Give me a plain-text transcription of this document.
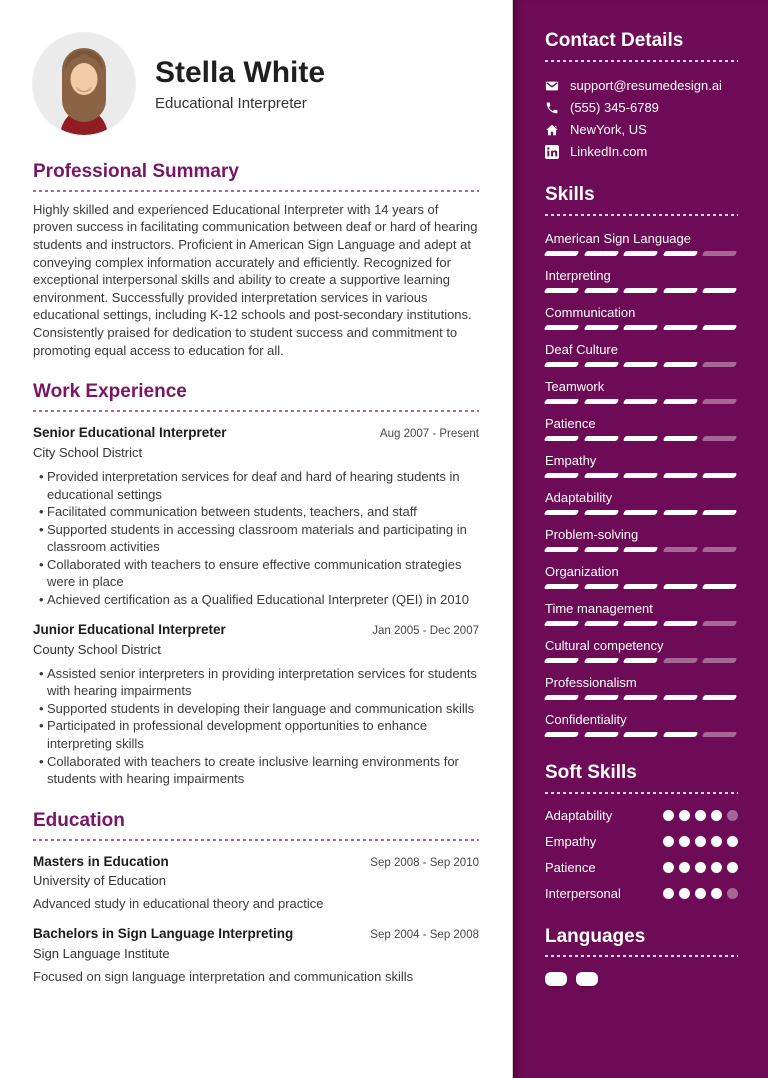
Stella White
Educational Interpreter
Professional Summary

Highly skilled and experienced Educational Interpreter with 14 years of proven success in facilitating communication between deaf or hard of hearing students and instructors. Proficient in American Sign Language and adept at conveying complex information accurately and efficiently. Recognized for exceptional interpersonal skills and ability to create a supportive learning environment. Successfully provided interpretation services in various educational settings, including K-12 schools and post-secondary institutions. Consistently praised for dedication to student success and commitment to promoting equal access to education for all.

Work Experience
Senior Educational Interpreter	Aug 2007 - Present
City School District
•
Provided interpretation services for deaf and hard of hearing students in educational settings
•
Facilitated communication between students, teachers, and staff
•
Supported students in accessing classroom materials and participating in classroom activities
•
Collaborated with teachers to ensure effective communication strategies were in place
•
Achieved certification as a Qualified Educational Interpreter (QEI) in 2010
Junior Educational Interpreter	Jan 2005 - Dec 2007
County School District
•
Assisted senior interpreters in providing interpretation services for students with hearing impairments
•
Supported students in developing their language and communication skills
•
Participated in professional development opportunities to enhance interpreting skills
•
Collaborated with teachers to create inclusive learning environments for students with hearing impairments
Education
Masters in Education	Sep 2008 - Sep 2010
University of Education
Advanced study in educational theory and practice
Bachelors in Sign Language Interpreting	Sep 2004 - Sep 2008
Sign Language Institute
Focused on sign language interpretation and communication skills
Contact Details
support@resumedesign.ai
(555) 345-6789
NewYork, US
LinkedIn.com
Skills
American Sign Language
Interpreting
Communication
Deaf Culture
Teamwork
Patience
Empathy
Adaptability
Problem-solving
Organization
Time management
Cultural competency
Professionalism
Confidentiality
Soft Skills
Adaptability
Empathy
Patience
Interpersonal
Languages
